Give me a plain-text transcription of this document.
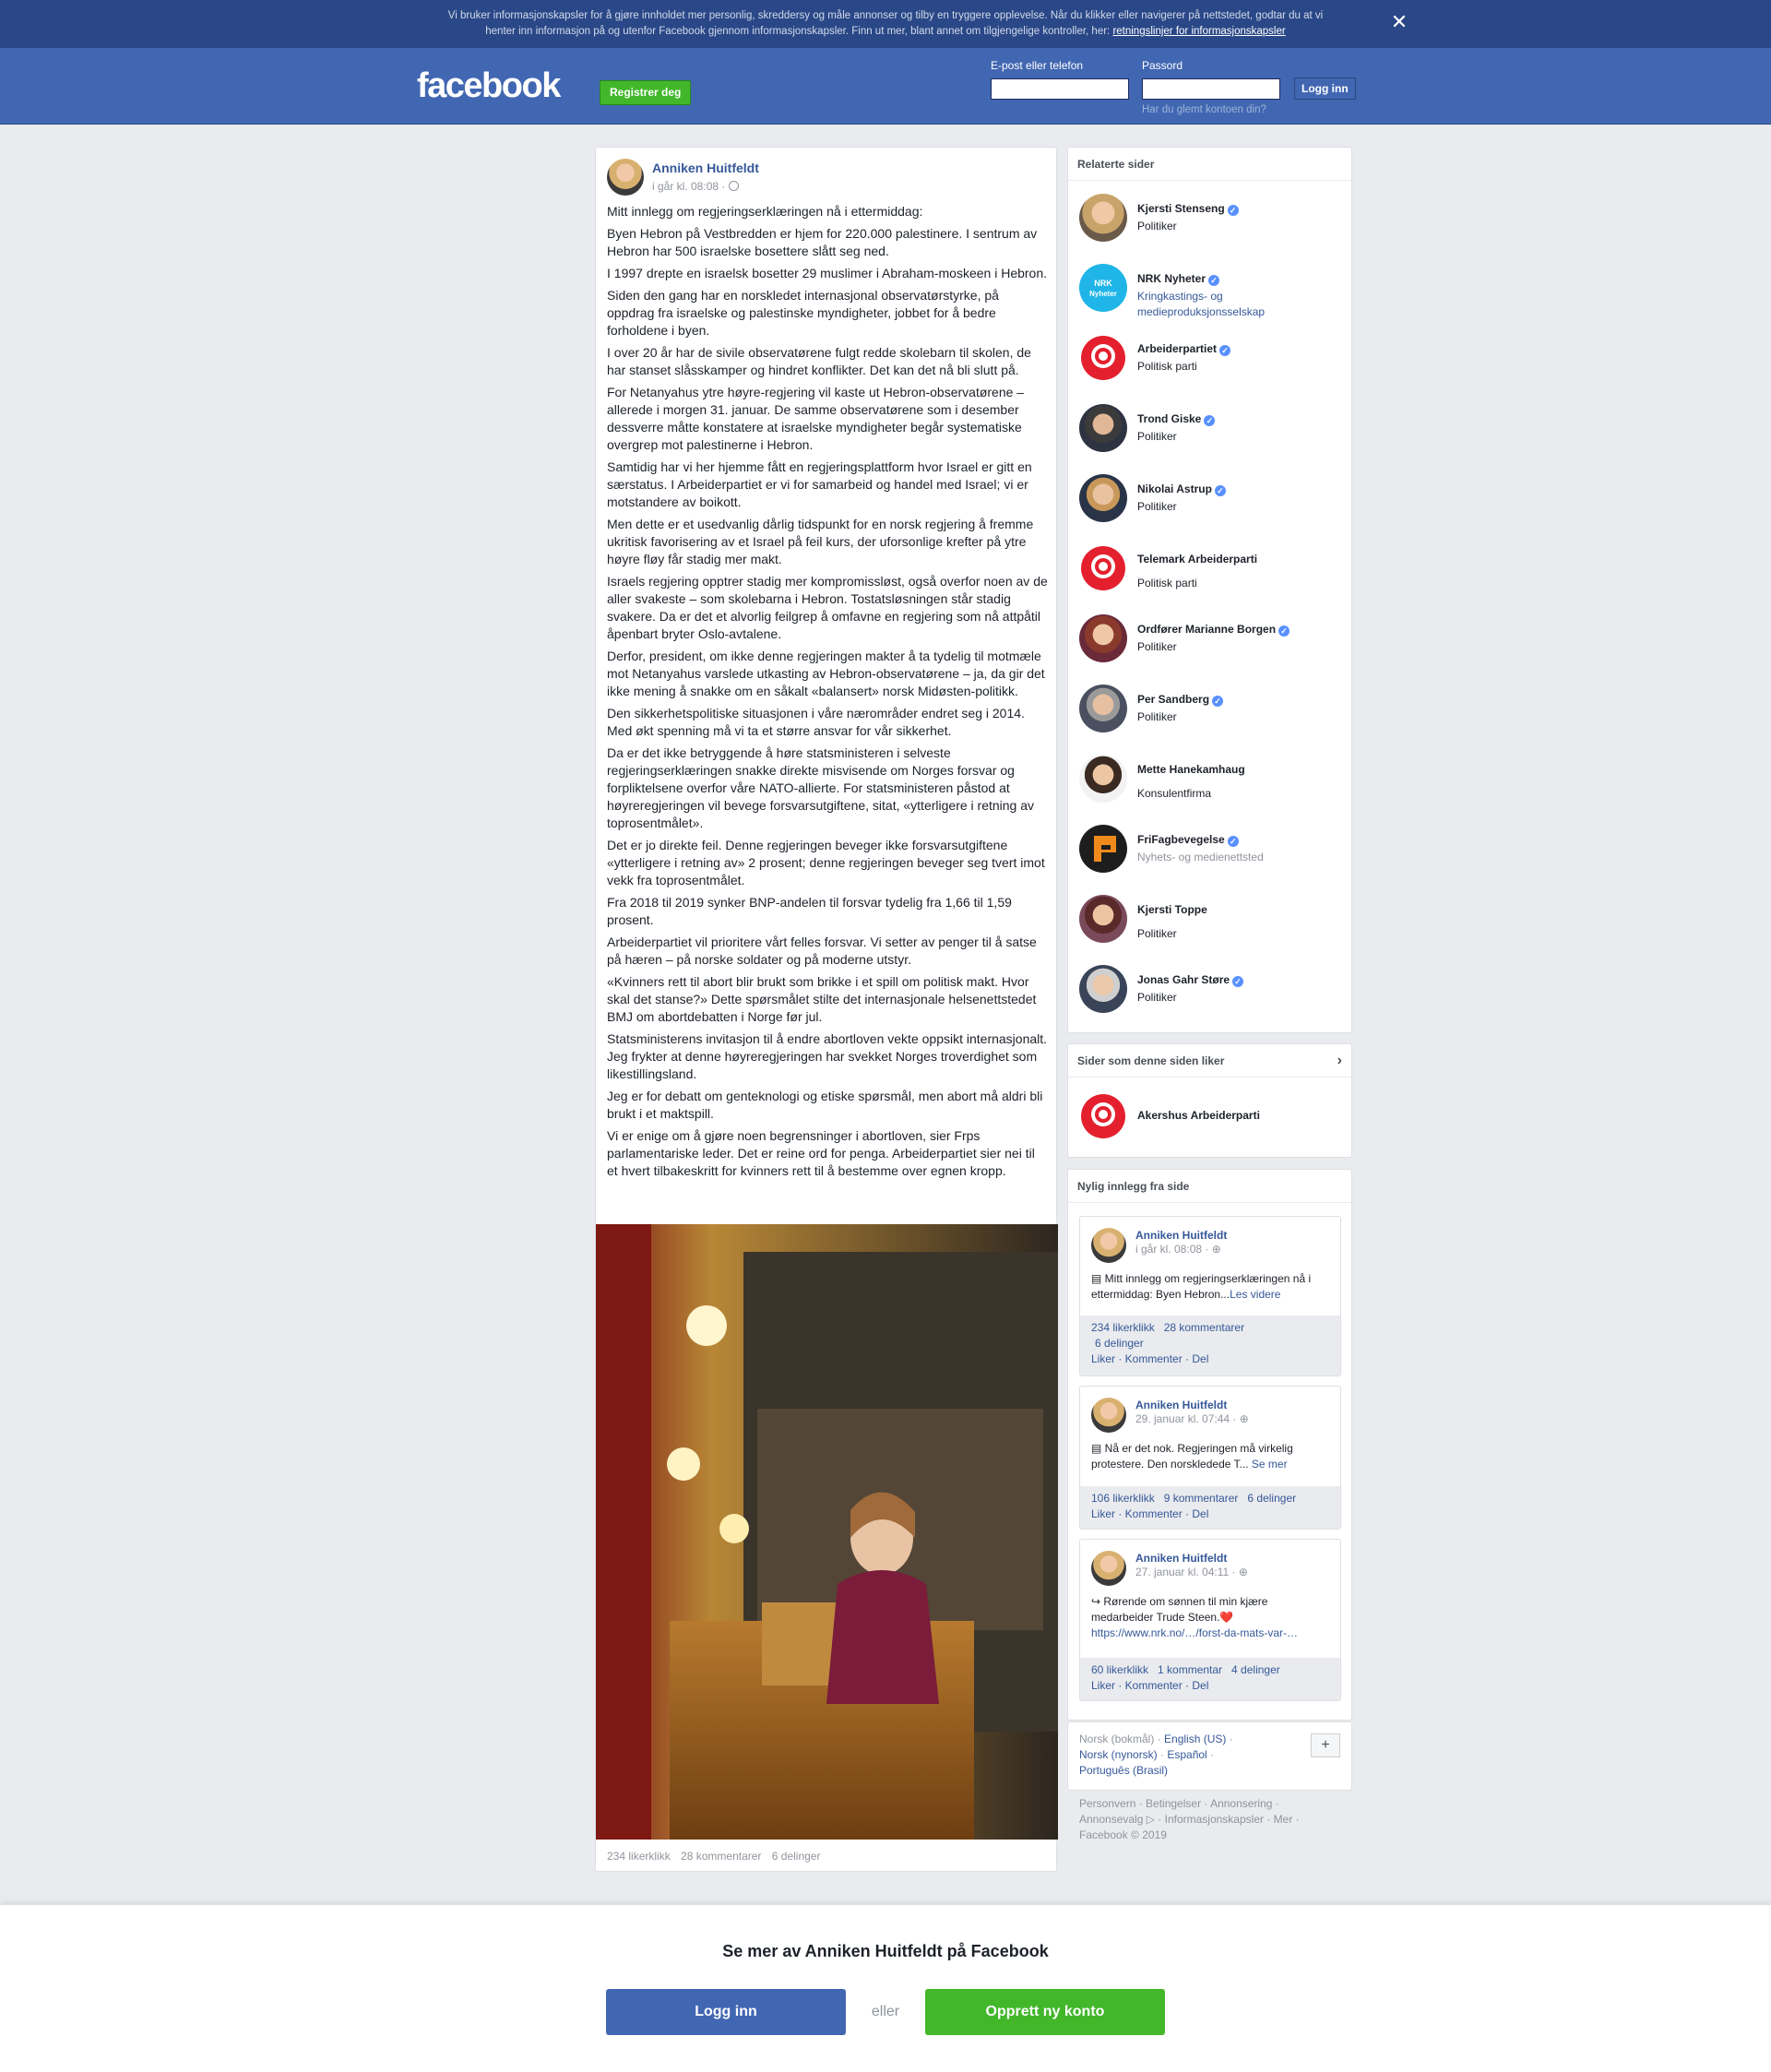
Vi bruker informasjonskapsler for å gjøre innholdet mer personlig, skreddersy og måle annonser og tilby en tryggere opplevelse. Når du klikker eller navigerer på nettstedet, godtar du at vi henter inn informasjon på og utenfor Facebook gjennom informasjonskapsler. Finn ut mer, blant annet om tilgjengelige kontroller, her: retningslinjer for informasjonskapsler	✕
facebook	Registrer deg
E-post eller telefon	Passord
Logg inn
Har du glemt kontoen din?
Anniken Huitfeldt
i går kl. 08:08 ·

Mitt innlegg om regjeringserklæringen nå i ettermiddag:

Byen Hebron på Vestbredden er hjem for 220.000 palestinere. I sentrum av Hebron har 500 israelske bosettere slått seg ned.

I 1997 drepte en israelsk bosetter 29 muslimer i Abraham-moskeen i Hebron.

Siden den gang har en norskledet internasjonal observatørstyrke, på oppdrag fra israelske og palestinske myndigheter, jobbet for å bedre forholdene i byen.

I over 20 år har de sivile observatørene fulgt redde skolebarn til skolen, de har stanset slåsskamper og hindret konflikter. Det kan det nå bli slutt på.

For Netanyahus ytre høyre-regjering vil kaste ut Hebron-observatørene – allerede i morgen 31. januar. De samme observatørene som i desember dessverre måtte konstatere at israelske myndigheter begår systematiske overgrep mot palestinerne i Hebron.

Samtidig har vi her hjemme fått en regjeringsplattform hvor Israel er gitt en særstatus. I Arbeiderpartiet er vi for samarbeid og handel med Israel; vi er motstandere av boikott.

Men dette er et usedvanlig dårlig tidspunkt for en norsk regjering å fremme ukritisk favorisering av et Israel på feil kurs, der uforsonlige krefter på ytre høyre fløy får stadig mer makt.

Israels regjering opptrer stadig mer kompromissløst, også overfor noen av de aller svakeste – som skolebarna i Hebron. Tostatsløsningen står stadig svakere. Da er det et alvorlig feilgrep å omfavne en regjering som nå attpåtil åpenbart bryter Oslo-avtalene.

Derfor, president, om ikke denne regjeringen makter å ta tydelig til motmæle mot Netanyahus varslede utkasting av Hebron-observatørene – ja, da gir det ikke mening å snakke om en såkalt «balansert» norsk Midøsten-politikk.

Den sikkerhetspolitiske situasjonen i våre nærområder endret seg i 2014. Med økt spenning må vi ta et større ansvar for vår sikkerhet.

Da er det ikke betryggende å høre statsministeren i selveste regjeringserklæringen snakke direkte misvisende om Norges forsvar og forpliktelsene overfor våre NATO-allierte. For statsministeren påstod at høyreregjeringen vil bevege forsvarsutgiftene, sitat, «ytterligere i retning av toprosentmålet».

Det er jo direkte feil. Denne regjeringen beveger ikke forsvarsutgiftene «ytterligere i retning av» 2 prosent; denne regjeringen beveger seg tvert imot vekk fra toprosentmålet.

Fra 2018 til 2019 synker BNP-andelen til forsvar tydelig fra 1,66 til 1,59 prosent.

Arbeiderpartiet vil prioritere vårt felles forsvar. Vi setter av penger til å satse på hæren – på norske soldater og på moderne utstyr.

«Kvinners rett til abort blir brukt som brikke i et spill om politisk makt. Hvor skal det stanse?» Dette spørsmålet stilte det internasjonale helsenettstedet BMJ om abortdebatten i Norge før jul.

Statsministerens invitasjon til å endre abortloven vekte oppsikt internasjonalt. Jeg frykter at denne høyreregjeringen har svekket Norges troverdighet som likestillingsland.

Jeg er for debatt om genteknologi og etiske spørsmål, men abort må aldri bli brukt i et maktspill.

Vi er enige om å gjøre noen begrensninger i abortloven, sier Frps parlamentariske leder. Det er reine ord for penga. Arbeiderpartiet sier nei til et hvert tilbakeskritt for kvinners rett til å bestemme over egnen kropp.

234 likerklikk 28 kommentarer 6 delinger
Relaterte sider
Kjersti Stenseng ✓
Politiker
NRK
Nyheter
NRK Nyheter ✓
Kringkastings- og medieproduksjonsselskap
Arbeiderpartiet ✓
Politisk parti
Trond Giske ✓
Politiker
Nikolai Astrup ✓
Politiker
Telemark Arbeiderparti
Politisk parti
Ordfører Marianne Borgen ✓
Politiker
Per Sandberg ✓
Politiker
Mette Hanekamhaug
Konsulentfirma
FriFagbevegelse ✓
Nyhets- og medienettsted
Kjersti Toppe
Politiker
Jonas Gahr Støre ✓
Politiker
Sider som denne siden liker	›
Akershus Arbeiderparti
Nylig innlegg fra side
Anniken Huitfeldt
i går kl. 08:08 · ⊕
▤ Mitt innlegg om regjeringserklæringen nå i ettermiddag: Byen Hebron...Les videre
234 likerklikk 28 kommentarer
6 delinger
Liker · Kommenter · Del
Anniken Huitfeldt
29. januar kl. 07:44 · ⊕
▤ Nå er det nok. Regjeringen må virkelig protestere. Den norskledede T... Se mer
106 likerklikk 9 kommentarer 6 delinger
Liker · Kommenter · Del
Anniken Huitfeldt
27. januar kl. 04:11 · ⊕
↪ Rørende om sønnen til min kjære medarbeider Trude Steen.❤️
https://www.nrk.no/…/forst-da-mats-var-…
60 likerklikk 1 kommentar 4 delinger
Liker · Kommenter · Del
Norsk (bokmål) · English (US) ·
Norsk (nynorsk) · Español ·
Português (Brasil)
+
Personvern · Betingelser · Annonsering · Annonsevalg ▷ · Informasjonskapsler · Mer ·
Facebook © 2019
Se mer av Anniken Huitfeldt på Facebook
Logg inn	eller	Opprett ny konto
